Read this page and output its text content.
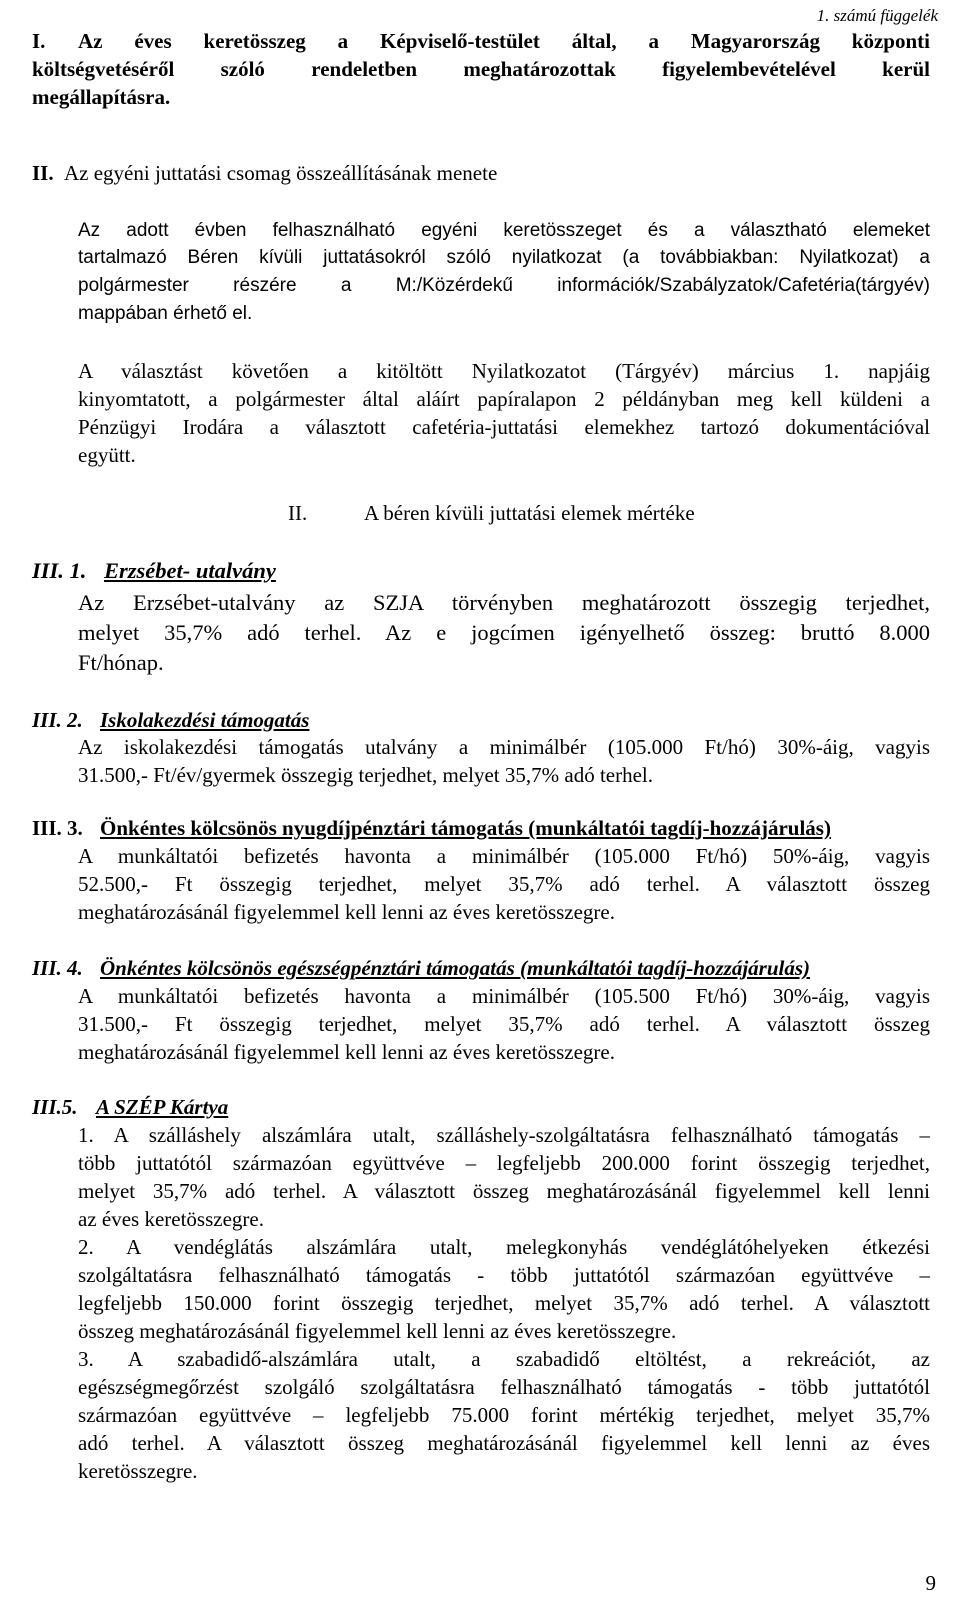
1. számú függelék
I. Az éves keretösszeg a Képviselő-testület által, a Magyarország központi
költségvetéséről szóló rendeletben meghatározottak figyelembevételével kerül
megállapításra.
II. Az egyéni juttatási csomag összeállításának menete
Az adott évben felhasználható egyéni keretösszeget és a választható elemeket
tartalmazó Béren kívüli juttatásokról szóló nyilatkozat (a továbbiakban: Nyilatkozat) a
polgármester részére a M:/Közérdekű információk/Szabályzatok/Cafetéria(tárgyév)
mappában érhető el.
A választást követően a kitöltött Nyilatkozatot (Tárgyév) március 1. napjáig
kinyomtatott, a polgármester által aláírt papíralapon 2 példányban meg kell küldeni a
Pénzügyi Irodára a választott cafetéria-juttatási elemekhez tartozó dokumentációval
együtt.
II.	A béren kívüli juttatási elemek mértéke
III. 1. Erzsébet- utalvány
Az Erzsébet-utalvány az SZJA törvényben meghatározott összegig terjedhet,
melyet 35,7% adó terhel. Az e jogcímen igényelhető összeg: bruttó 8.000
Ft/hónap.
III. 2. Iskolakezdési támogatás
Az iskolakezdési támogatás utalvány a minimálbér (105.000 Ft/hó) 30%-áig, vagyis
31.500,- Ft/év/gyermek összegig terjedhet, melyet 35,7% adó terhel.
III. 3. Önkéntes kölcsönös nyugdíjpénztári támogatás (munkáltatói tagdíj-hozzájárulás)
A munkáltatói befizetés havonta a minimálbér (105.000 Ft/hó) 50%-áig, vagyis
52.500,- Ft összegig terjedhet, melyet 35,7% adó terhel. A választott összeg
meghatározásánál figyelemmel kell lenni az éves keretösszegre.
III. 4. Önkéntes kölcsönös egészségpénztári támogatás (munkáltatói tagdíj-hozzájárulás)
A munkáltatói befizetés havonta a minimálbér (105.500 Ft/hó) 30%-áig, vagyis
31.500,- Ft összegig terjedhet, melyet 35,7% adó terhel. A választott összeg
meghatározásánál figyelemmel kell lenni az éves keretösszegre.
III.5. A SZÉP Kártya
1. A szálláshely alszámlára utalt, szálláshely-szolgáltatásra felhasználható támogatás –
több juttatótól származóan együttvéve – legfeljebb 200.000 forint összegig terjedhet,
melyet 35,7% adó terhel. A választott összeg meghatározásánál figyelemmel kell lenni
az éves keretösszegre.
2. A vendéglátás alszámlára utalt, melegkonyhás vendéglátóhelyeken étkezési
szolgáltatásra felhasználható támogatás - több juttatótól származóan együttvéve –
legfeljebb 150.000 forint összegig terjedhet, melyet 35,7% adó terhel. A választott
összeg meghatározásánál figyelemmel kell lenni az éves keretösszegre.
3. A szabadidő-alszámlára utalt, a szabadidő eltöltést, a rekreációt, az
egészségmegőrzést szolgáló szolgáltatásra felhasználható támogatás - több juttatótól
származóan együttvéve – legfeljebb 75.000 forint mértékig terjedhet, melyet 35,7%
adó terhel. A választott összeg meghatározásánál figyelemmel kell lenni az éves
keretösszegre.
9
